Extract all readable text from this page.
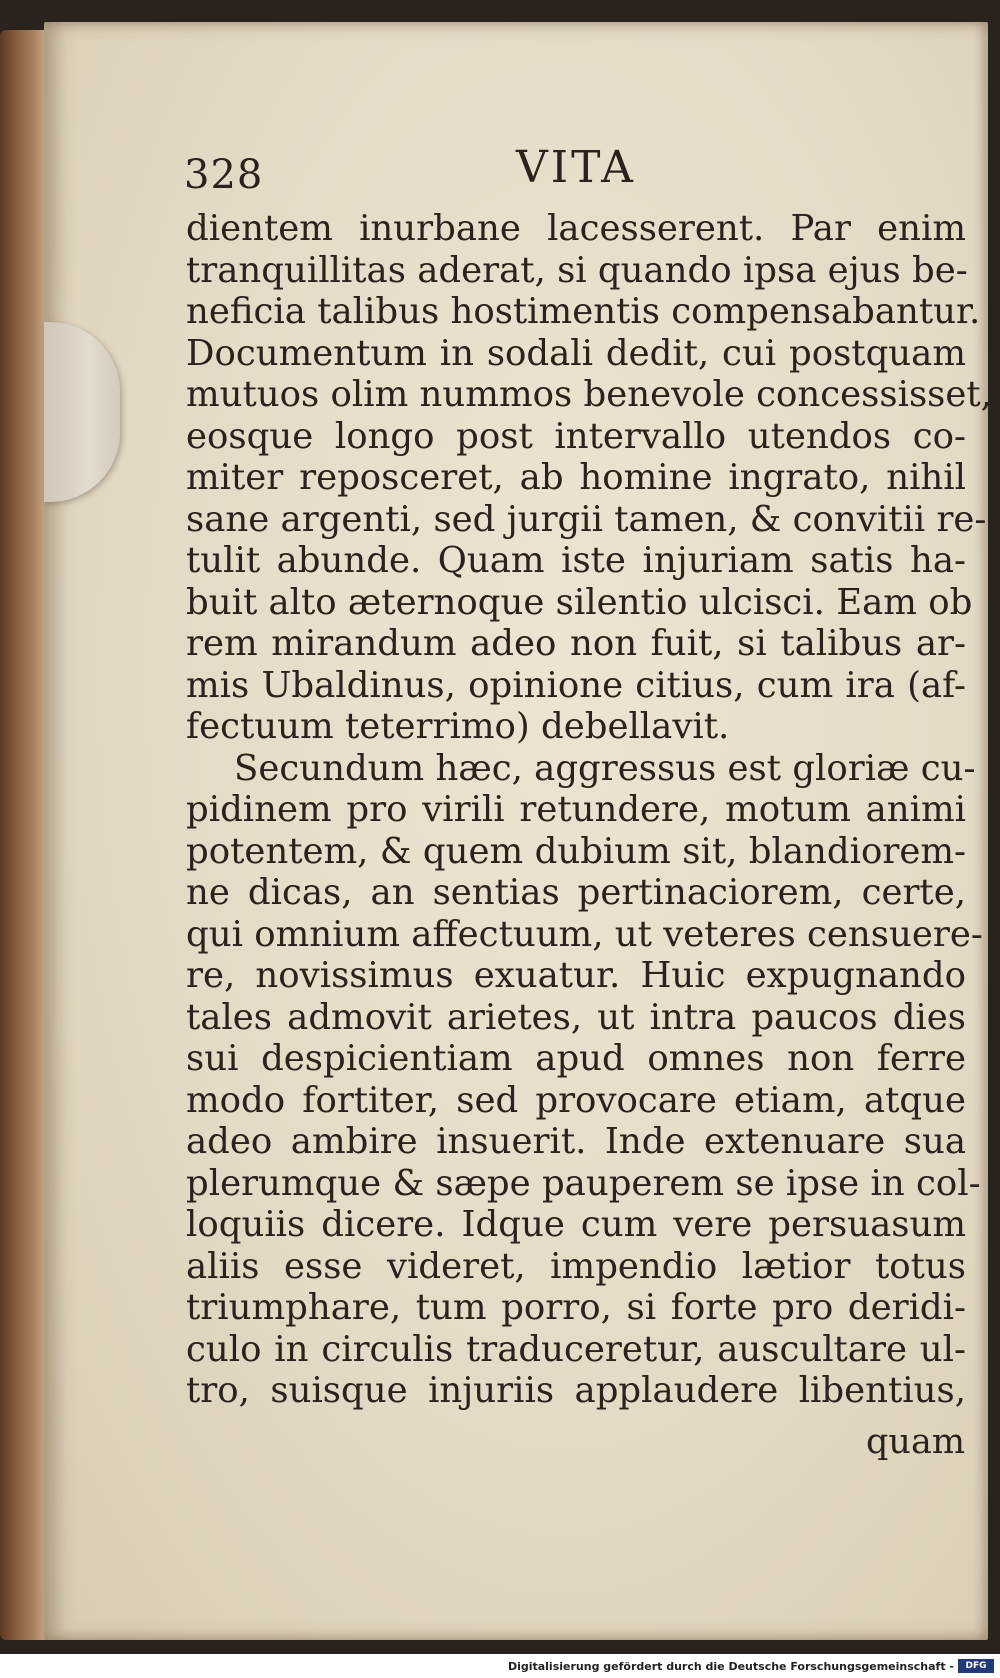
328	VITA
dientem inurbane lacesserent. Par enim
tranquillitas aderat, si quando ipsa ejus be-
neficia talibus hostimentis compensabantur.
Documentum in sodali dedit, cui postquam
mutuos olim nummos benevole concessisset,
eosque longo post intervallo utendos co-
miter reposceret, ab homine ingrato, nihil
sane argenti, sed jurgii tamen, & convitii re-
tulit abunde. Quam iste injuriam satis ha-
buit alto æternoque silentio ulcisci. Eam ob
rem mirandum adeo non fuit, si talibus ar-
mis Ubaldinus, opinione citius, cum ira (af-
fectuum teterrimo) debellavit.
Secundum hæc, aggressus est gloriæ cu-
pidinem pro virili retundere, motum animi
potentem, & quem dubium sit, blandiorem-
ne dicas, an sentias pertinaciorem, certe,
qui omnium affectuum, ut veteres censuere-
re, novissimus exuatur. Huic expugnando
tales admovit arietes, ut intra paucos dies
sui despicientiam apud omnes non ferre
modo fortiter, sed provocare etiam, atque
adeo ambire insuerit. Inde extenuare sua
plerumque & sæpe pauperem se ipse in col-
loquiis dicere. Idque cum vere persuasum
aliis esse videret, impendio lætior totus
triumphare, tum porro, si forte pro deridi-
culo in circulis traduceretur, auscultare ul-
tro, suisque injuriis applaudere libentius,
quam
Digitalisierung gefördert durch die Deutsche Forschungsgemeinschaft -	DFG
